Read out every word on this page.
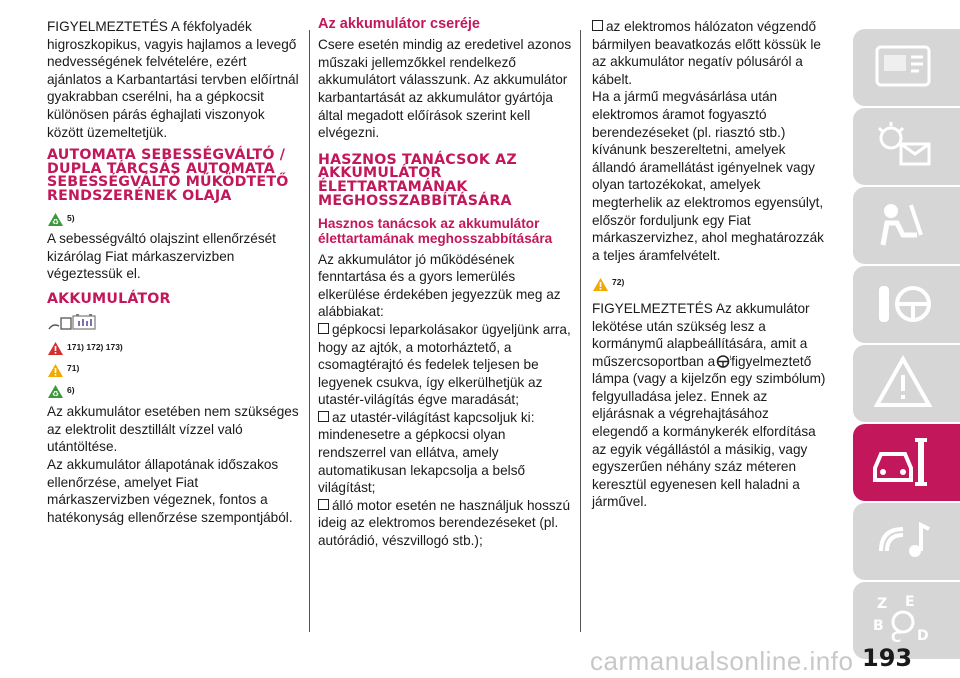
FIGYELMEZTETÉS A fékfolyadék higroszkopikus, vagyis hajlamos a levegő nedvességének felvételére, ezért ajánlatos a Karbantartási tervben előírtnál gyakrabban cserélni, ha a gépkocsit különösen párás éghajlati viszonyok között üzemeltetjük.

AUTOMATA SEBESSÉGVÁLTÓ / DUPLA TÁRCSÁS AUTOMATA SEBESSÉGVÁLTÓ MŰKÖDTETŐ RENDSZERÉNEK OLAJA
♻ 5)

A sebességváltó olajszint ellenőrzését kizárólag Fiat márkaszervizben végeztessük el.

AKKUMULÁTOR
171) 172) 173)
71)
♻ 6)

Az akkumulátor esetében nem szükséges az elektrolit desztillált vízzel való utántöltése.

Az akkumulátor állapotának időszakos ellenőrzése, amelyet Fiat márkaszervizben végeznek, fontos a hatékonyság ellenőrzése szempontjából.

Az akkumulátor cseréje

Csere esetén mindig az eredetivel azonos műszaki jellemzőkkel rendelkező akkumulátort válasszunk. Az akkumulátor karbantartását az akkumulátor gyártója által megadott előírások szerint kell elvégezni.

HASZNOS TANÁCSOK AZ AKKUMULÁTOR ÉLETTARTAMÁNAK MEGHOSSZABBÍTÁSÁRA
Hasznos tanácsok az akkumulátor élettartamának meghosszabbítására

Az akkumulátor jó működésének fenntartása és a gyors lemerülés elkerülése érdekében jegyezzük meg az alábbiakat:

gépkocsi leparkolásakor ügyeljünk arra, hogy az ajtók, a motorháztető, a csomagtérajtó és fedelek teljesen be legyenek csukva, így elkerülhetjük az utastér-világítás égve maradását;

az utastér-világítást kapcsoljuk ki: mindenesetre a gépkocsi olyan rendszerrel van ellátva, amely automatikusan lekapcsolja a belső világítást;

álló motor esetén ne használjuk hosszú ideig az elektromos berendezéseket (pl. autórádió, vészvillogó stb.);

az elektromos hálózaton végzendő bármilyen beavatkozás előtt kössük le az akkumulátor negatív pólusáról a kábelt.

Ha a jármű megvásárlása után elektromos áramot fogyasztó berendezéseket (pl. riasztó stb.) kívánunk beszereltetni, amelyek állandó áramellátást igényelnek vagy olyan tartozékokat, amelyek megterhelik az elektromos egyensúlyt, először forduljunk egy Fiat márkaszervizhez, ahol meghatározzák a teljes áramfelvételt.

72)

FIGYELMEZTETÉS Az akkumulátor lekötése után szükség lesz a kormánymű alapbeállítására, amit a műszercsoportban a figyelmeztető lámpa (vagy a kijelzőn egy szimbólum) felgyulladása jelez. Ennek az eljárásnak a végrehajtásához elegendő a kormánykerék elfordítása az egyik végállástól a másikig, vagy egyszerűen néhány száz méteren keresztül egyenesen kell haladni a járművel.

Z E
B
C D
carmanualsonline.info 193
